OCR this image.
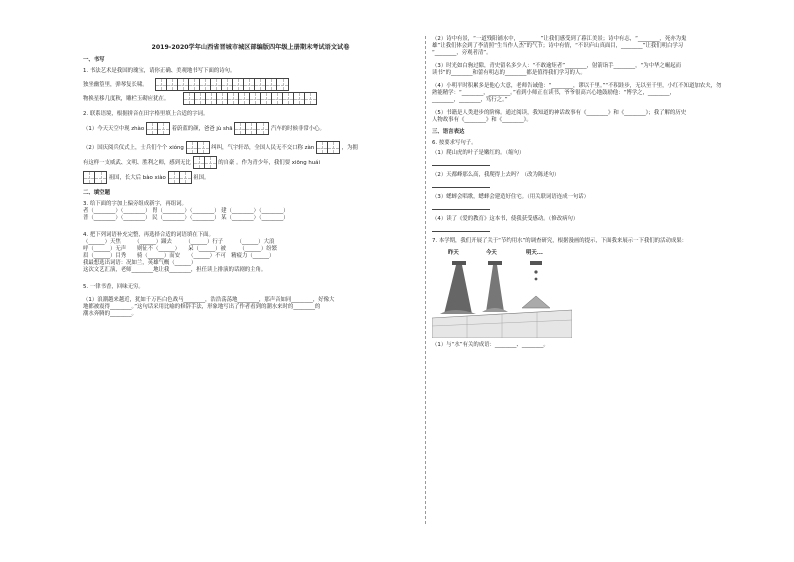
2019-2020学年山西省晋城市城区部编版四年级上册期末考试语文试卷
一、书写

1. 书法艺术是我国的瑰宝，请你正确、美观地书写下面的诗句。

独坐幽篁里，弹琴复长啸。
物换星移几度秋，雕栏玉砌应犹在。

2. 联系语境，根据拼音在田字格里填上合适的字词。

（1）今天天空中现 zhào	着蔚蓝的颜，爸爸 jù shā	汽车的时候非常小心。
（2）国庆阅兵仪式上，士兵们个个 xióng	纠纠，气宇轩昂，全国人民无不交口称 zàn	，为拥
有这样一支威武、文明、胜利之师，感到无比	的自豪 。作为青少年，我们要 xiōng huái
祖国，长大后 bào xiào	祖国。
二、填空题

3. 给下面的字加上偏旁组成新字，再组词。

者（________）（________） 胃（________）（________） 建（________）（________）

普（________）（________） 民（________）（________） 某（________）（________）

4. 把下列词语补充完整，再选择合适的词语填在下面。

（______）天焦　　　（______）蹑去　　　（______）行子　　　（______）大浪

呼（______）无声　　则征不（______）　　呆（______）被　　　（______）纷繁

眉（______）目秀　　骑（______）而安　　（______）不可　精疲力（______）

我最想选出词语：况如兰，英雄气概（______）

这次文艺汇演，老师________地让我________，担任读上排演的话剧的主角。

5. 一律书香，回味无穷。

（1）浪潮越来越近，犹如千万匹白色战马________，浩浩荡荡地________，那声音如同________，好像大

地都被震得________。”这句话采用比喻的修辞手法，形象地写出了作者看到的潮水来时的________的

潮水奔腾的________。

（2）诗中有景，“一道残阳铺水中，________”让我们感受到了暮江美景；诗中有志，“________，死亦为鬼

雄”让我们体会到了李清照“生当作人杰”的气节；诗中有情，“不识庐山真面目，________”让我们明白学习

“________，旁观者清”。

（3）时光如白驹过隙，青史留名多少人：“不敢逾矩者”________，射箭诣手________，“为中华之崛起而

读书”的________和蕾有明志的________都是值得我们学习的人。

（4）小明平时积累多是他心大意，老师告诫他：“________，谬以千里。”“不积跬步，无以至千里，小红不知道加农夫，勿

熟能精学：“________，________。”看到小师正在读书，爷爷很高兴心地鼓励他：“博学之，________，

________，________，笃行之。”

（5）书籍是人类进步的阶梯。通过阅读，我知道的神话故事有《________》和《________》；我了解的历史

人物故事有《________》和《________》。

三、语言表达

6. 按要求写句子。

（1）爬山虎的叶子是嫩红的。（缩句）

（2）天都峰那么高，我爬得上去吗？（改为陈述句）

（3）蟋蟀会唱歌，蟋蟀会建造好住宅。（用关联词语连成一句话）

（4）读了《爱的教育》这本书，使我获受感动。（修改病句）

7. 本学期，我们开展了关于“节约用水”的调查研究，根据漫画的提示，下面我来展示一下我们的活动成果：

昨天	今天	明天...

（1）与“水”有关的成语：________、________。
